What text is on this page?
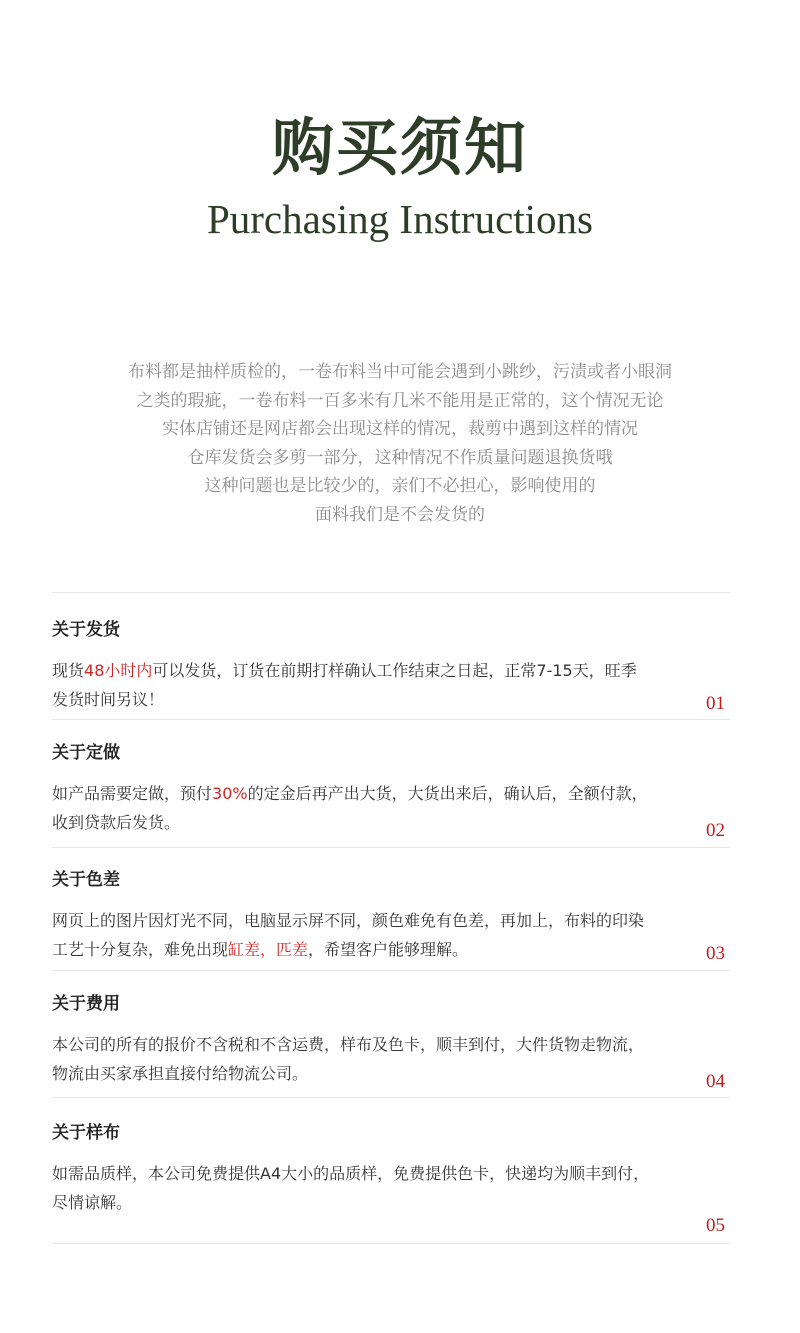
购买须知
Purchasing Instructions
布料都是抽样质检的，一卷布料当中可能会遇到小跳纱，污渍或者小眼洞
之类的瑕疵，一卷布料一百多米有几米不能用是正常的，这个情况无论
实体店铺还是网店都会出现这样的情况，裁剪中遇到这样的情况
仓库发货会多剪一部分，这种情况不作质量问题退换货哦
这种问题也是比较少的，亲们不必担心，影响使用的
面料我们是不会发货的
关于发货
现货48小时内可以发货，订货在前期打样确认工作结束之日起，正常7-15天，旺季
发货时间另议！	01
关于定做
如产品需要定做，预付30%的定金后再产出大货，大货出来后，确认后，全额付款，
收到贷款后发货。	02
关于色差
网页上的图片因灯光不同，电脑显示屏不同，颜色难免有色差，再加上，布料的印染
工艺十分复杂，难免出现缸差，匹差，希望客户能够理解。	03
关于费用
本公司的所有的报价不含税和不含运费，样布及色卡，顺丰到付，大件货物走物流，
物流由买家承担直接付给物流公司。	04
关于样布
如需品质样，本公司免费提供A4大小的品质样，免费提供色卡，快递均为顺丰到付，
尽情谅解。
05
